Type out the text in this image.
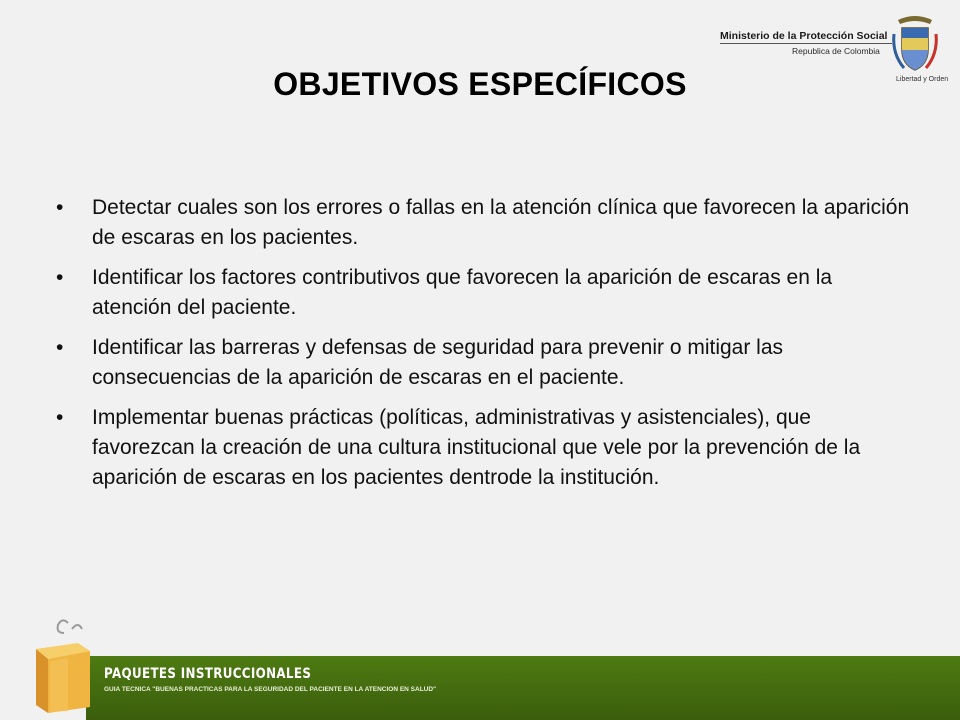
Ministerio de la Protección Social
Republica de Colombia
Libertad y Orden
OBJETIVOS ESPECÍFICOS
• Detectar cuales son los errores o fallas en la atención clínica que favorecen la aparición de escaras en los pacientes.
• Identificar los factores contributivos que favorecen la aparición de escaras en la atención del paciente.
• Identificar las barreras y defensas de seguridad para prevenir o mitigar las consecuencias de la aparición de escaras en el paciente.
• Implementar buenas prácticas (políticas, administrativas y asistenciales), que favorezcan la creación de una cultura institucional que vele por la prevención de la aparición de escaras en los pacientes dentrode la institución.
PAQUETES INSTRUCCIONALES
GUIA TECNICA "BUENAS PRACTICAS PARA LA SEGURIDAD DEL PACIENTE EN LA ATENCION EN SALUD"
